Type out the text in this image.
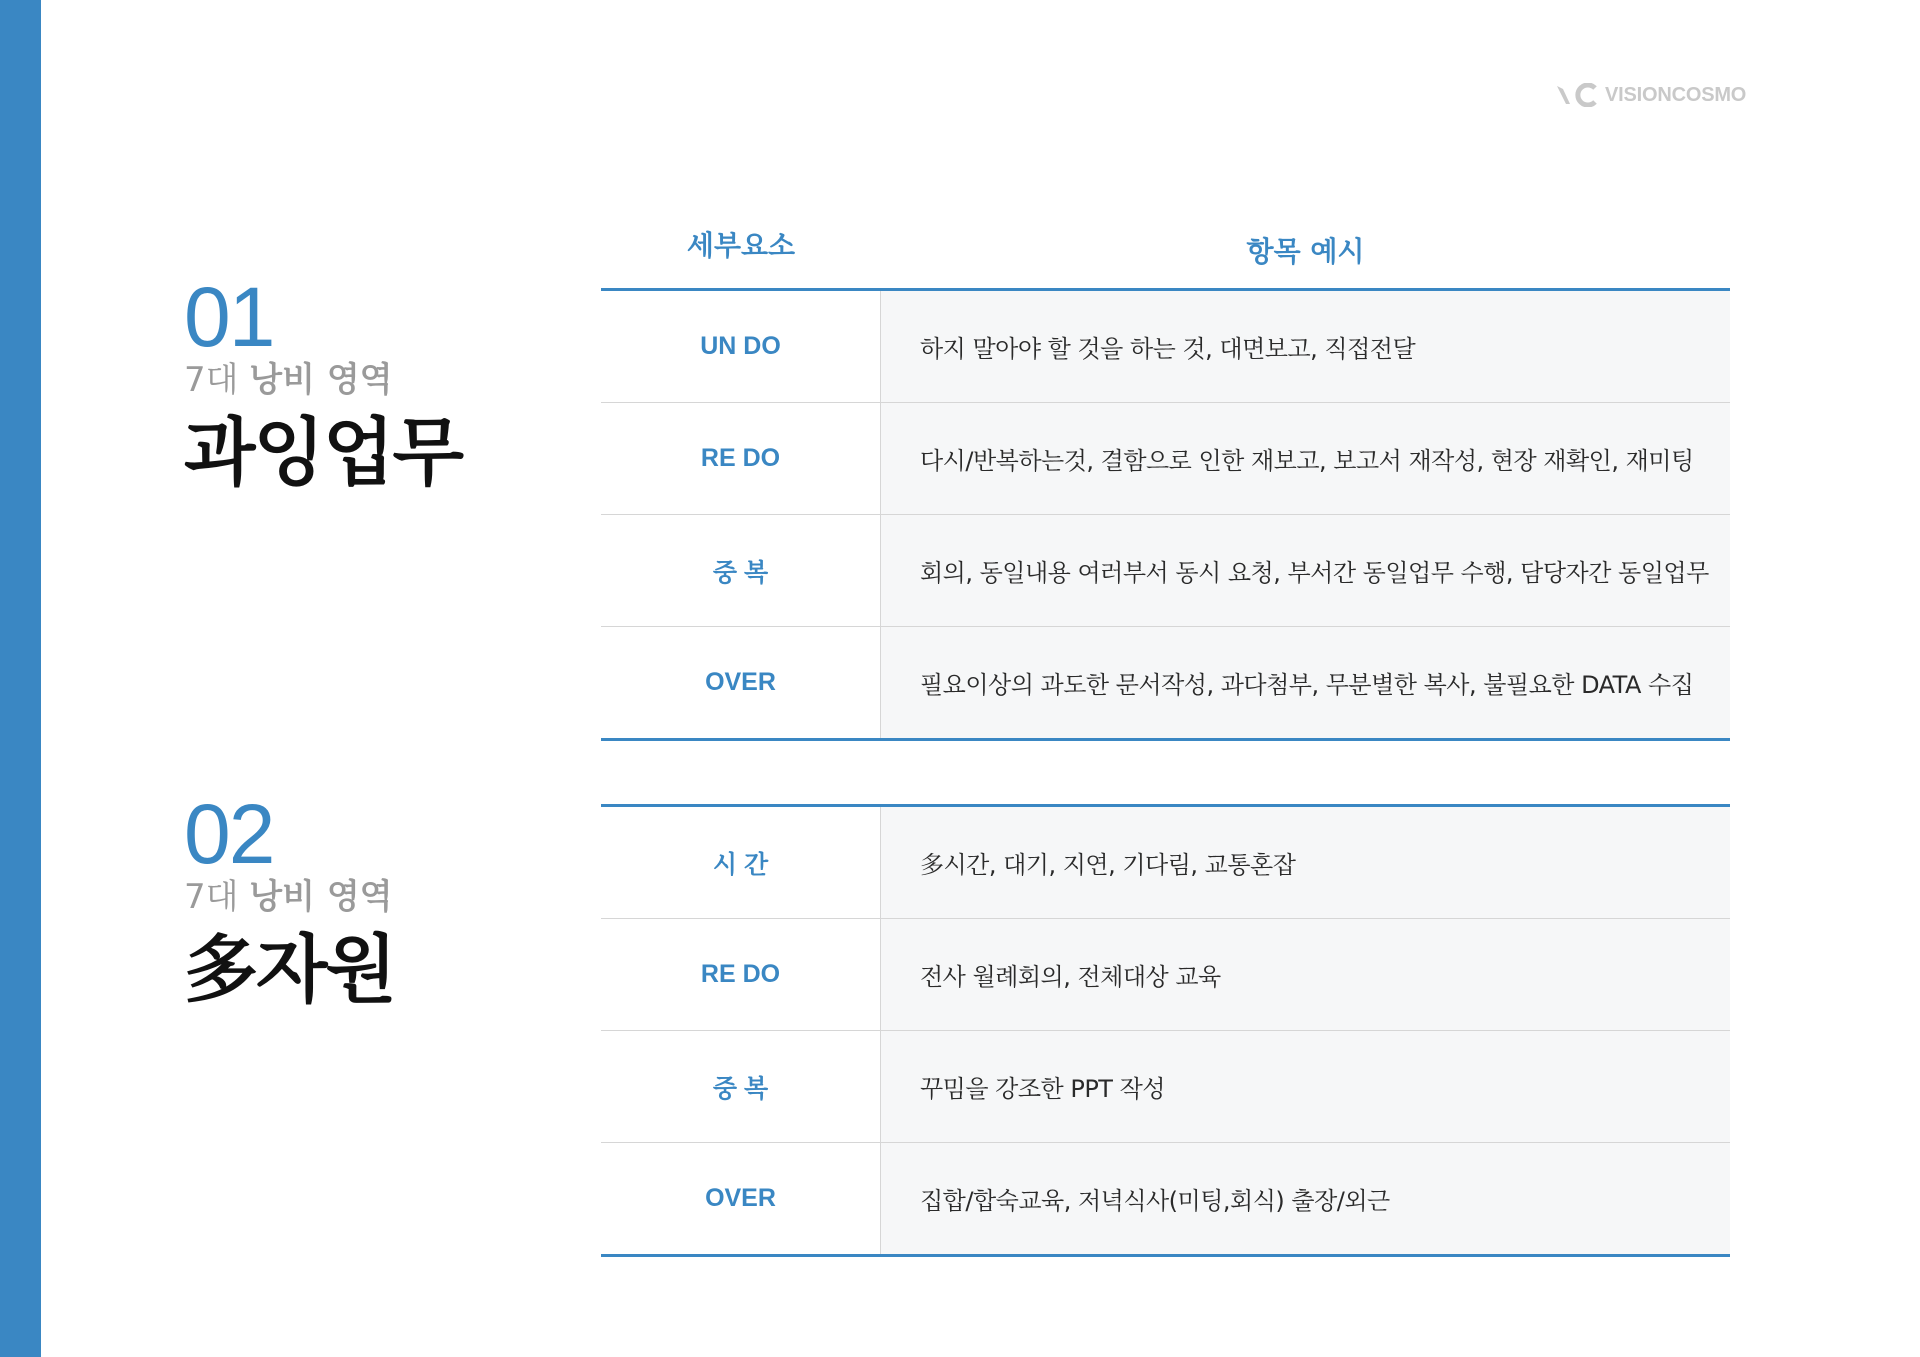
VISIONCOSMO
01
7대 낭비 영역
과잉업무
02
7대 낭비 영역
多자원
세부요소	항목 예시
UN DO	하지 말아야 할 것을 하는 것, 대면보고, 직접전달
RE DO	다시/반복하는것, 결함으로 인한 재보고, 보고서 재작성, 현장 재확인, 재미팅
중 복	회의, 동일내용 여러부서 동시 요청, 부서간 동일업무 수행, 담당자간 동일업무
OVER	필요이상의 과도한 문서작성, 과다첨부, 무분별한 복사, 불필요한 DATA 수집
시 간	多시간, 대기, 지연, 기다림, 교통혼잡
RE DO	전사 월례회의, 전체대상 교육
중 복	꾸밈을 강조한 PPT 작성
OVER	집합/합숙교육, 저녁식사(미팅,회식) 출장/외근
